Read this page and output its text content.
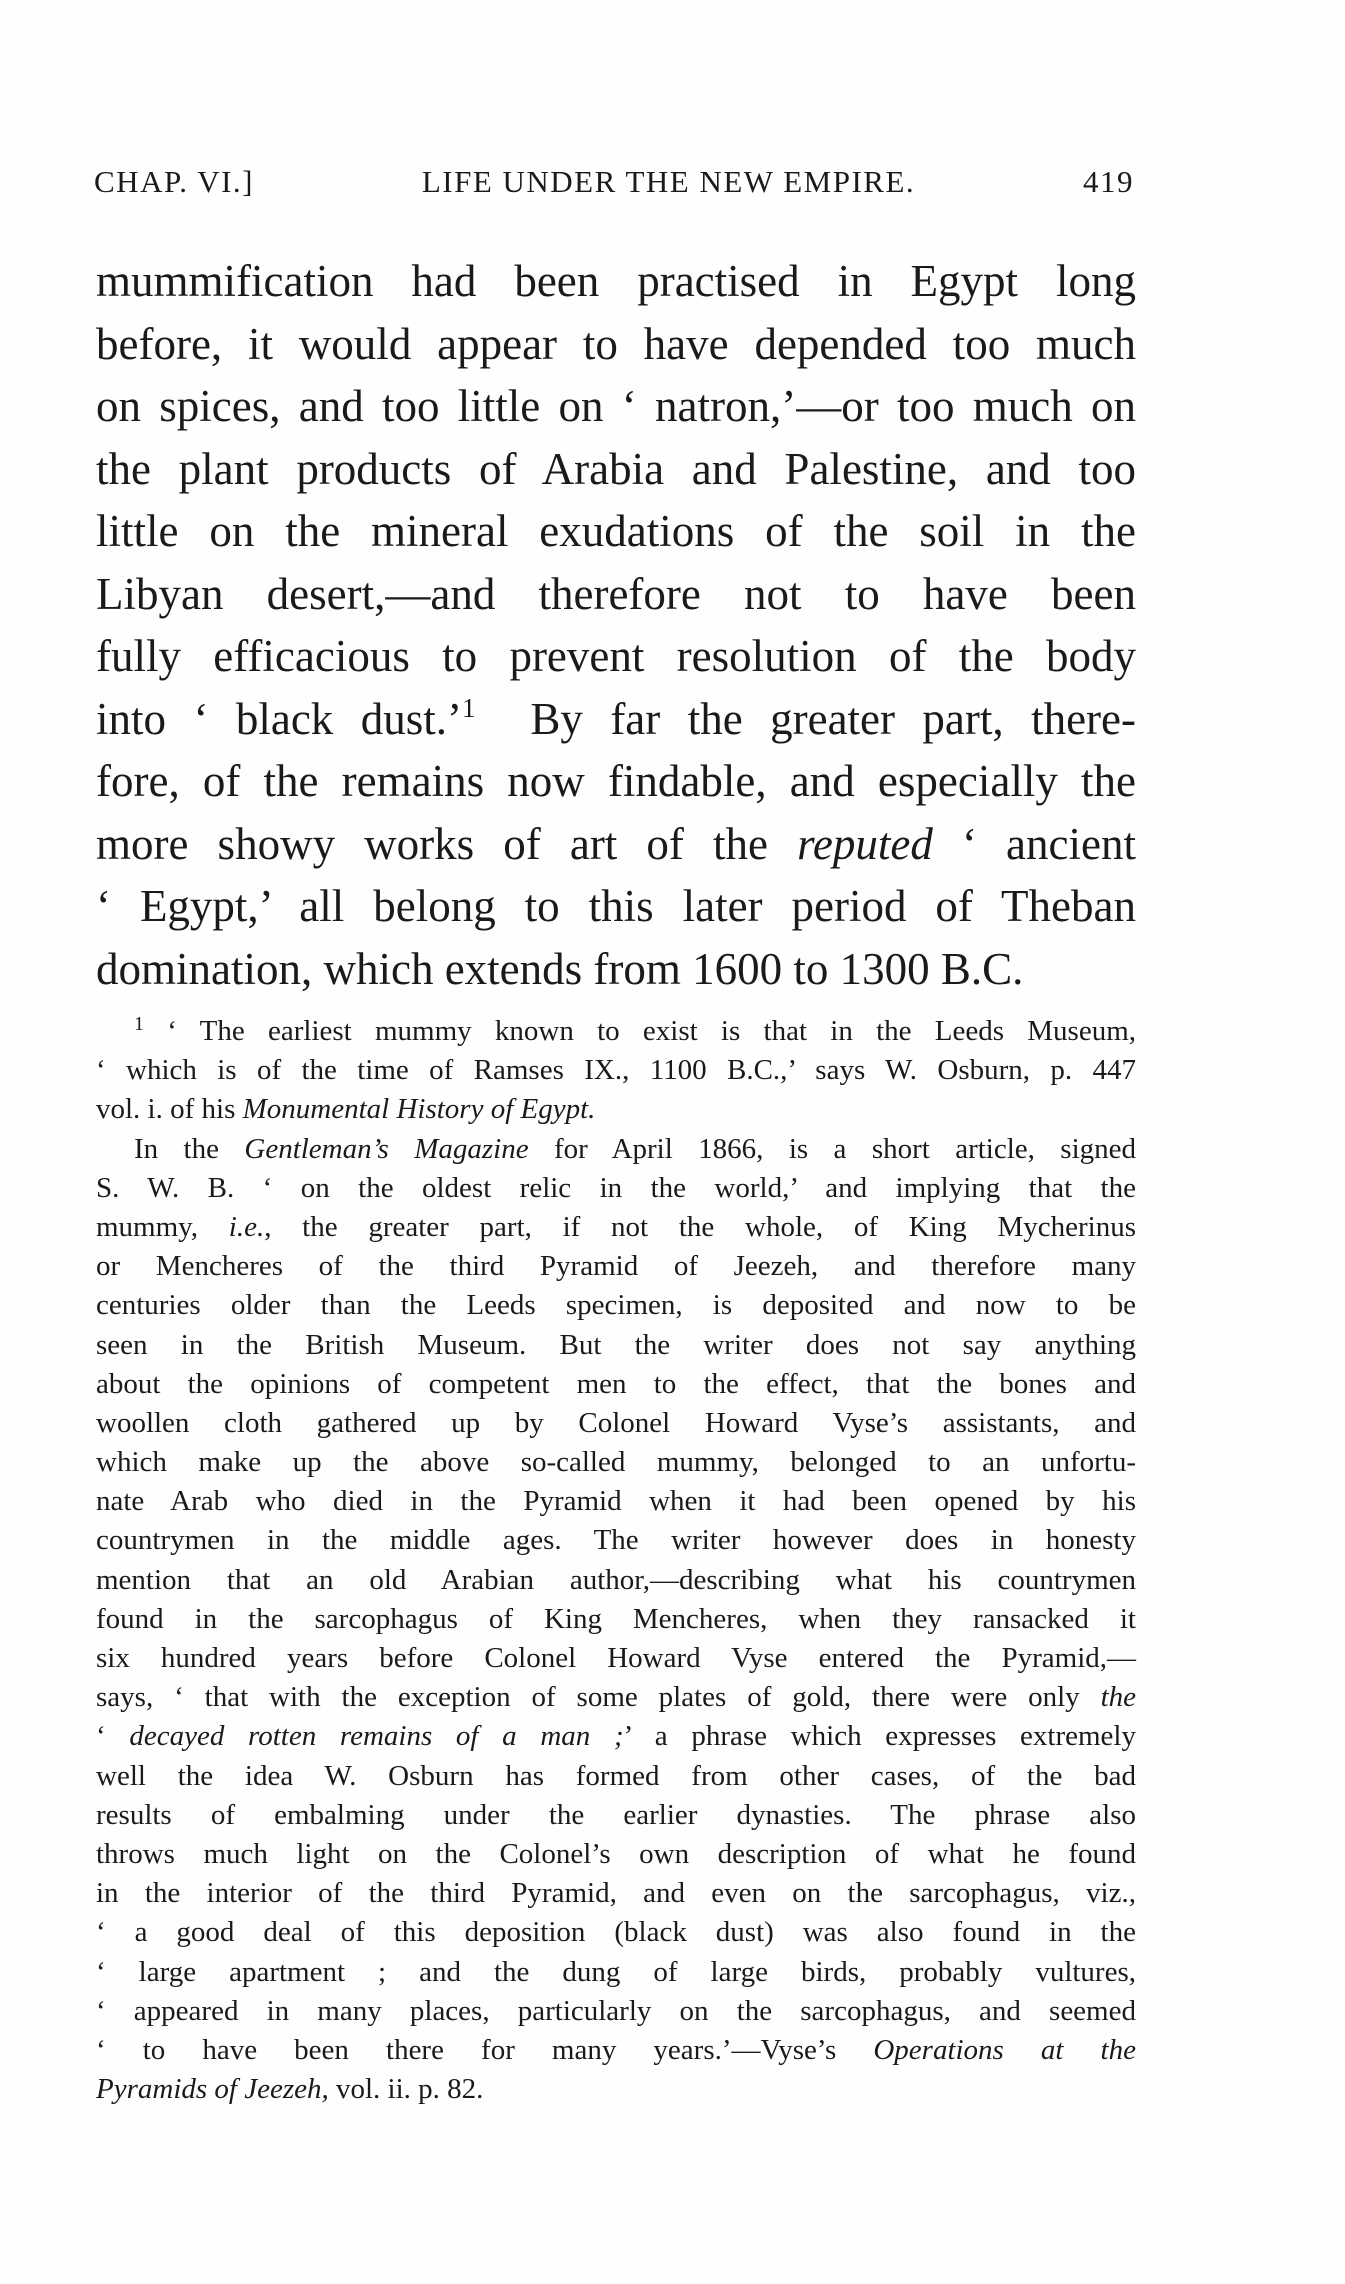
CHAP. VI.]	LIFE UNDER THE NEW EMPIRE.	419
mummification had been practised in Egypt long
before, it would appear to have depended too much
on spices, and too little on ‘ natron,’—or too much on
the plant products of Arabia and Palestine, and too
little on the mineral exudations of the soil in the
Libyan desert,—and therefore not to have been
fully efficacious to prevent resolution of the body
into ‘ black dust.’$^1$ By far the greater part, there-
fore, of the remains now findable, and especially the
more showy works of art of the reputed ‘ ancient
‘ Egypt,’ all belong to this later period of Theban
domination, which extends from 1600 to 1300 B.C.
$^1$ ‘ The earliest mummy known to exist is that in the Leeds Museum,
‘ which is of the time of Ramses IX., 1100 B.C.,’ says W. Osburn, p. 447
vol. i. of his Monumental History of Egypt.
In the Gentleman’s Magazine for April 1866, is a short article, signed
S. W. B. ‘ on the oldest relic in the world,’ and implying that the
mummy, i.e., the greater part, if not the whole, of King Mycherinus
or Mencheres of the third Pyramid of Jeezeh, and therefore many
centuries older than the Leeds specimen, is deposited and now to be
seen in the British Museum. But the writer does not say anything
about the opinions of competent men to the effect, that the bones and
woollen cloth gathered up by Colonel Howard Vyse’s assistants, and
which make up the above so-called mummy, belonged to an unfortu-
nate Arab who died in the Pyramid when it had been opened by his
countrymen in the middle ages. The writer however does in honesty
mention that an old Arabian author,—describing what his countrymen
found in the sarcophagus of King Mencheres, when they ransacked it
six hundred years before Colonel Howard Vyse entered the Pyramid,—
says, ‘ that with the exception of some plates of gold, there were only the
‘ decayed rotten remains of a man ;’ a phrase which expresses extremely
well the idea W. Osburn has formed from other cases, of the bad
results of embalming under the earlier dynasties. The phrase also
throws much light on the Colonel’s own description of what he found
in the interior of the third Pyramid, and even on the sarcophagus, viz.,
‘ a good deal of this deposition (black dust) was also found in the
‘ large apartment ; and the dung of large birds, probably vultures,
‘ appeared in many places, particularly on the sarcophagus, and seemed
‘ to have been there for many years.’—Vyse’s Operations at the
Pyramids of Jeezeh, vol. ii. p. 82.
